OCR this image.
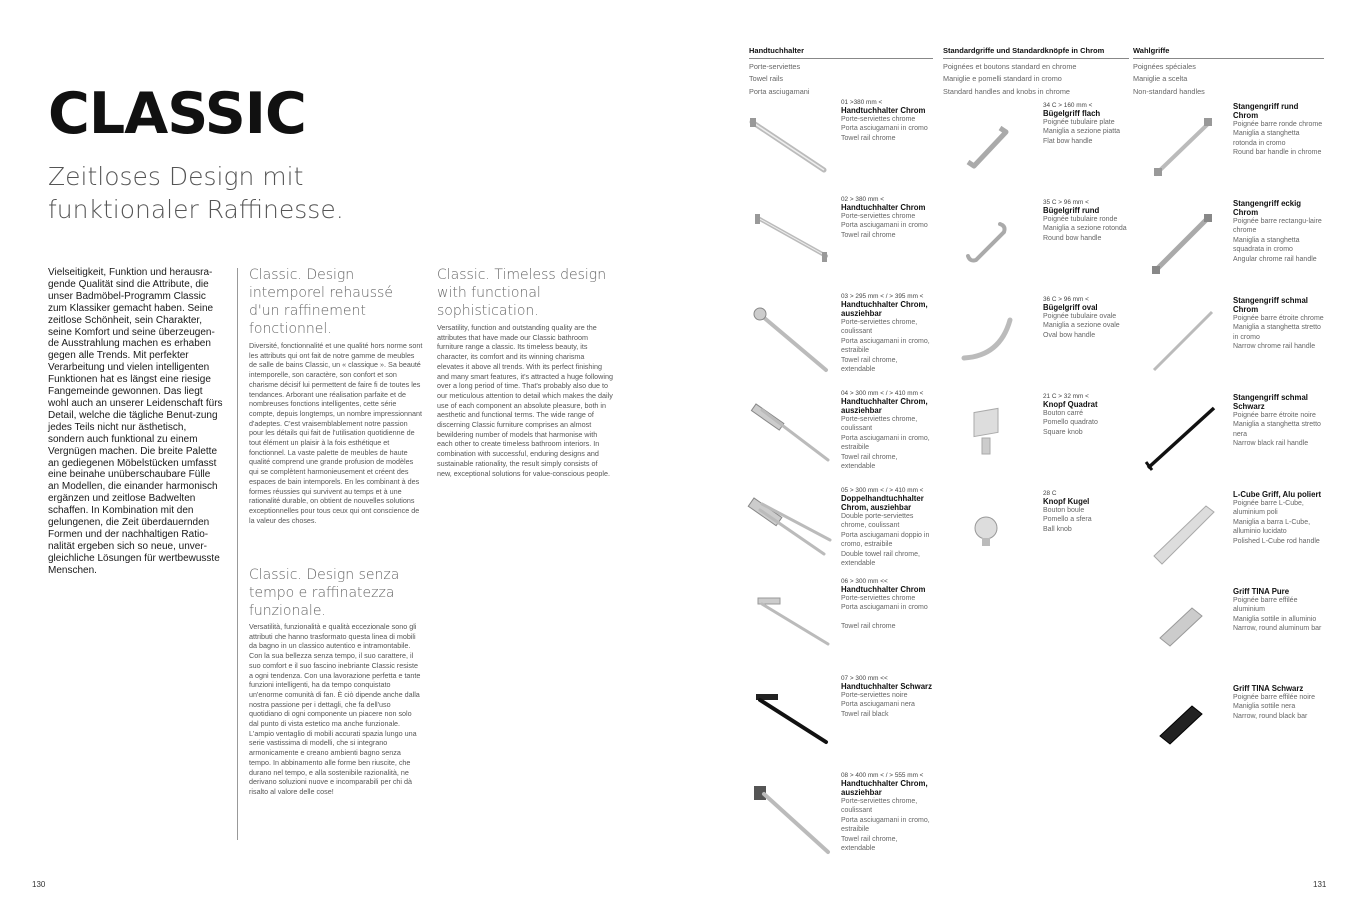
CLASSIC
Zeitloses Design mit funktionaler Raffinesse.
Vielseitigkeit, Funktion und herausra-gende Qualität sind die Attribute, die unser Badmöbel-Programm Classic zum Klassiker gemacht haben. Seine zeitlose Schönheit, sein Charakter, seine Komfort und seine überzeugen-de Ausstrahlung machen es erhaben gegen alle Trends. Mit perfekter Verarbeitung und vielen intelligenten Funktionen hat es längst eine riesige Fangemeinde gewonnen. Das liegt wohl auch an unserer Leidenschaft fürs Detail, welche die tägliche Benut-zung jedes Teils nicht nur ästhetisch, sondern auch funktional zu einem Vergnügen machen. Die breite Palette an gediegenen Möbelstücken umfasst eine beinahe unüberschaubare Fülle an Modellen, die einander harmonisch ergänzen und zeitlose Badwelten schaffen. In Kombination mit den gelungenen, die Zeit überdauernden Formen und der nachhaltigen Ratio-nalität ergeben sich so neue, unver-gleichliche Lösungen für wertbewusste Menschen.
Classic. Design intemporel rehaussé d'un raffinement fonctionnel.
Diversité, fonctionnalité et une qualité hors norme sont les attributs qui ont fait de notre gamme de meubles de salle de bains Classic, un « classique ». Sa beauté intemporelle, son caractère, son confort et son charisme décisif lui permettent de faire fi de toutes les tendances. Arborant une réalisation parfaite et de nombreuses fonctions intelligentes, cette série compte, depuis longtemps, un nombre impressionnant d'adeptes. C'est vraisemblablement notre passion pour les détails qui fait de l'utilisation quotidienne de tout élément un plaisir à la fois esthétique et fonctionnel. La vaste palette de meubles de haute qualité comprend une grande profusion de modèles qui se complètent harmonieusement et créent des espaces de bain intemporels. En les combinant à des formes réussies qui survivent au temps et à une rationalité durable, on obtient de nouvelles solutions exceptionnelles pour tous ceux qui ont conscience de la valeur des choses.
Classic. Design senza tempo e raffinatezza funzionale.
Versatilità, funzionalità e qualità eccezionale sono gli attributi che hanno trasformato questa linea di mobili da bagno in un classico autentico e intramontabile. Con la sua bellezza senza tempo, il suo carattere, il suo comfort e il suo fascino inebriante Classic resiste a ogni tendenza. Con una lavorazione perfetta e tante funzioni intelligenti, ha da tempo conquistato un'enorme comunità di fan. È ciò dipende anche dalla nostra passione per i dettagli, che fa dell'uso quotidiano di ogni componente un piacere non solo dal punto di vista estetico ma anche funzionale. L'ampio ventaglio di mobili accurati spazia lungo una serie vastissima di modelli, che si integrano armonicamente e creano ambienti bagno senza tempo. In abbinamento alle forme ben riuscite, che durano nel tempo, e alla sostenibile razionalità, ne derivano soluzioni nuove e incomparabili per chi dà risalto al valore delle cose!
Classic. Timeless design with functional sophistication.
Versatility, function and outstanding quality are the attributes that have made our Classic bathroom furniture range a classic. Its timeless beauty, its character, its comfort and its winning charisma elevates it above all trends. With its perfect finishing and many smart features, it's attracted a huge following over a long period of time. That's probably also due to our meticulous attention to detail which makes the daily use of each component an absolute pleasure, both in aesthetic and functional terms. The wide range of discerning Classic furniture comprises an almost bewildering number of models that harmonise with each other to create timeless bathroom interiors. In combination with successful, enduring designs and sustainable rationality, the result simply consists of new, exceptional solutions for value-conscious people.
130
Handtuchhalter
Porte-serviettes
Towel rails
Porta asciugamani
Standardgriffe und Standardknöpfe in Chrom
Poignées et boutons standard en chrome
Maniglie e pomelli standard in cromo
Standard handles and knobs in chrome
Wahlgriffe
Poignées spéciales
Maniglie a scelta
Non-standard handles
01 >380 mm <
Handtuchhalter Chrom
Porte-serviettes chrome
Porta asciugamani in cromo
Towel rail chrome
02 > 380 mm <
Handtuchhalter Chrom
Porte-serviettes chrome
Porta asciugamani in cromo
Towel rail chrome
03 > 295 mm < / > 395 mm <
Handtuchhalter Chrom, ausziehbar
Porte-serviettes chrome, coulissant
Porta asciugamani in cromo, estraibile
Towel rail chrome, extendable
04 > 300 mm < / > 410 mm <
Handtuchhalter Chrom, ausziehbar
Porte-serviettes chrome, coulissant
Porta asciugamani in cromo, estraibile
Towel rail chrome, extendable
05 > 300 mm < / > 410 mm <
Doppelhandtuchhalter Chrom, ausziehbar
Double porte-serviettes chrome, coulissant
Porta asciugamani doppio in cromo, estraibile
Double towel rail chrome, extendable
06 > 300 mm <<
Handtuchhalter Chrom
Porte-serviettes chrome
Porta asciugamani in cromo
Towel rail chrome
07 > 300 mm <<
Handtuchhalter Schwarz
Porte-serviettes noire
Porta asciugamani nera
Towel rail black
08 > 400 mm < / > 555 mm <
Handtuchhalter Chrom, ausziehbar
Porte-serviettes chrome, coulissant
Porta asciugamani in cromo, estraibile
Towel rail chrome, extendable
34 C > 160 mm <
Bügelgriff flach
Poignée tubulaire plate
Maniglia a sezione piatta
Flat bow handle
35 C > 96 mm <
Bügelgriff rund
Poignée tubulaire ronde
Maniglia a sezione rotonda
Round bow handle
36 C > 96 mm <
Bügelgriff oval
Poignée tubulaire ovale
Maniglia a sezione ovale
Oval bow handle
21 C > 32 mm <
Knopf Quadrat
Bouton carré
Pomello quadrato
Square knob
28 C
Knopf Kugel
Bouton boule
Pomello a sfera
Ball knob
Stangengriff rund Chrom
Poignée barre ronde chrome
Maniglia a stanghetta rotonda in cromo
Round bar handle in chrome
Stangengriff eckig Chrom
Poignée barre rectangu-laire chrome
Maniglia a stanghetta squadrata in cromo
Angular chrome rail handle
Stangengriff schmal Chrom
Poignée barre étroite chrome
Maniglia a stanghetta stretto in cromo
Narrow chrome rail handle
Stangengriff schmal Schwarz
Poignée barre étroite noire
Maniglia a stanghetta stretto nera
Narrow black rail handle
L-Cube Griff, Alu poliert
Poignée barre L-Cube, aluminium poli
Maniglia a barra L-Cube, alluminio lucidato
Polished L-Cube rod handle
Griff TINA Pure
Poignée barre effilée aluminium
Maniglia sottile in alluminio
Narrow, round aluminum bar
Griff TINA Schwarz
Poignée barre effilée noire
Maniglia sottile nera
Narrow, round black bar
131
